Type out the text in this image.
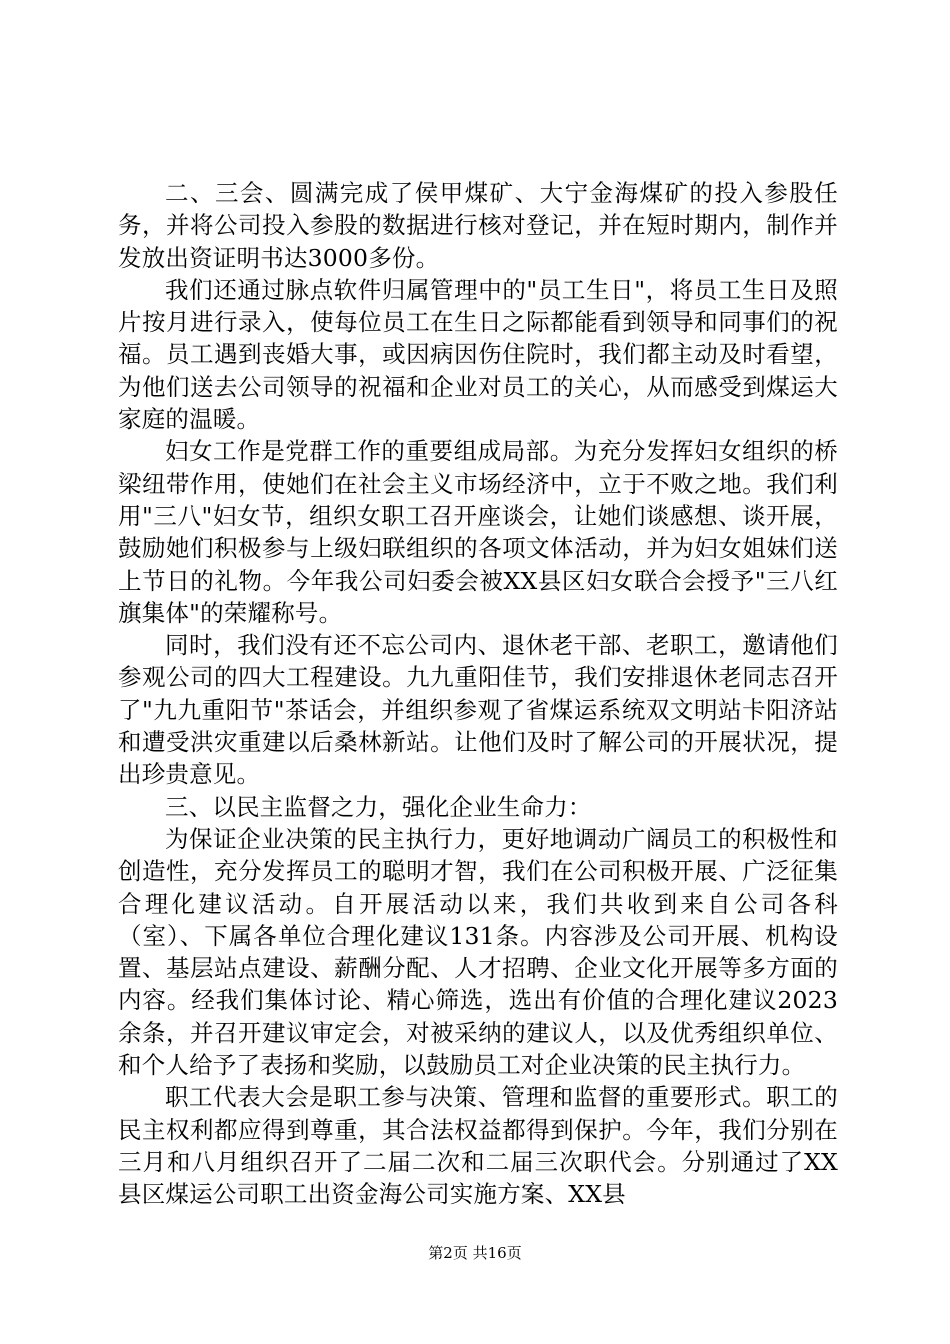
二、三会、圆满完成了侯甲煤矿、大宁金海煤矿的投入参股任务，并将公司投入参股的数据进行核对登记，并在短时期内，制作并发放出资证明书达3000多份。

我们还通过脉点软件归属管理中的"员工生日"，将员工生日及照片按月进行录入，使每位员工在生日之际都能看到领导和同事们的祝福。员工遇到丧婚大事，或因病因伤住院时，我们都主动及时看望，为他们送去公司领导的祝福和企业对员工的关心，从而感受到煤运大家庭的温暖。

妇女工作是党群工作的重要组成局部。为充分发挥妇女组织的桥梁纽带作用，使她们在社会主义市场经济中，立于不败之地。我们利用"三八"妇女节，组织女职工召开座谈会，让她们谈感想、谈开展，鼓励她们积极参与上级妇联组织的各项文体活动，并为妇女姐妹们送上节日的礼物。今年我公司妇委会被XX县区妇女联合会授予"三八红旗集体"的荣耀称号。

同时，我们没有还不忘公司内、退休老干部、老职工，邀请他们参观公司的四大工程建设。九九重阳佳节，我们安排退休老同志召开了"九九重阳节"茶话会，并组织参观了省煤运系统双文明站卡阳济站和遭受洪灾重建以后桑林新站。让他们及时了解公司的开展状况，提出珍贵意见。

三、以民主监督之力，强化企业生命力：

为保证企业决策的民主执行力，更好地调动广阔员工的积极性和创造性，充分发挥员工的聪明才智，我们在公司积极开展、广泛征集合理化建议活动。自开展活动以来，我们共收到来自公司各科（室）、下属各单位合理化建议131条。内容涉及公司开展、机构设置、基层站点建设、薪酬分配、人才招聘、企业文化开展等多方面的内容。经我们集体讨论、精心筛选，选出有价值的合理化建议2023余条，并召开建议审定会，对被采纳的建议人，以及优秀组织单位、和个人给予了表扬和奖励，以鼓励员工对企业决策的民主执行力。

职工代表大会是职工参与决策、管理和监督的重要形式。职工的民主权利都应得到尊重，其合法权益都得到保护。今年，我们分别在三月和八月组织召开了二届二次和二届三次职代会。分别通过了XX县区煤运公司职工出资金海公司实施方案、XX县

第2页 共16页
